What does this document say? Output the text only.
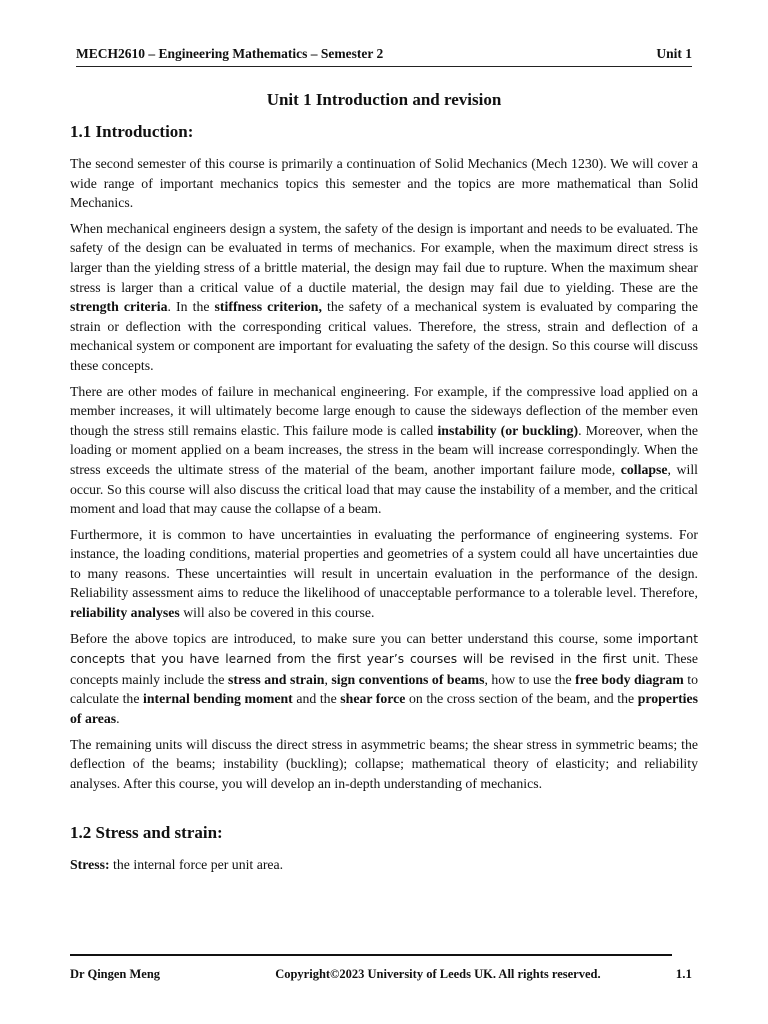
MECH2610 – Engineering Mathematics – Semester 2	Unit 1
Unit 1 Introduction and revision
1.1 Introduction:

The second semester of this course is primarily a continuation of Solid Mechanics (Mech 1230). We will cover a wide range of important mechanics topics this semester and the topics are more mathematical than Solid Mechanics.

When mechanical engineers design a system, the safety of the design is important and needs to be evaluated. The safety of the design can be evaluated in terms of mechanics. For example, when the maximum direct stress is larger than the yielding stress of a brittle material, the design may fail due to rupture. When the maximum shear stress is larger than a critical value of a ductile material, the design may fail due to yielding. These are the strength criteria. In the stiffness criterion, the safety of a mechanical system is evaluated by comparing the strain or deflection with the corresponding critical values. Therefore, the stress, strain and deflection of a mechanical system or component are important for evaluating the safety of the design. So this course will discuss these concepts.

There are other modes of failure in mechanical engineering. For example, if the compressive load applied on a member increases, it will ultimately become large enough to cause the sideways deflection of the member even though the stress still remains elastic. This failure mode is called instability (or buckling). Moreover, when the loading or moment applied on a beam increases, the stress in the beam will increase correspondingly. When the stress exceeds the ultimate stress of the material of the beam, another important failure mode, collapse, will occur. So this course will also discuss the critical load that may cause the instability of a member, and the critical moment and load that may cause the collapse of a beam.

Furthermore, it is common to have uncertainties in evaluating the performance of engineering systems. For instance, the loading conditions, material properties and geometries of a system could all have uncertainties due to many reasons. These uncertainties will result in uncertain evaluation in the performance of the design. Reliability assessment aims to reduce the likelihood of unacceptable performance to a tolerable level. Therefore, reliability analyses will also be covered in this course.

Before the above topics are introduced, to make sure you can better understand this course, some important concepts that you have learned from the first year’s courses will be revised in the first unit. These concepts mainly include the stress and strain, sign conventions of beams, how to use the free body diagram to calculate the internal bending moment and the shear force on the cross section of the beam, and the properties of areas.

The remaining units will discuss the direct stress in asymmetric beams; the shear stress in symmetric beams; the deflection of the beams; instability (buckling); collapse; mathematical theory of elasticity; and reliability analyses. After this course, you will develop an in-depth understanding of mechanics.

1.2 Stress and strain:

Stress: the internal force per unit area.

Dr Qingen Meng	Copyright©2023 University of Leeds UK. All rights reserved.	1.1
